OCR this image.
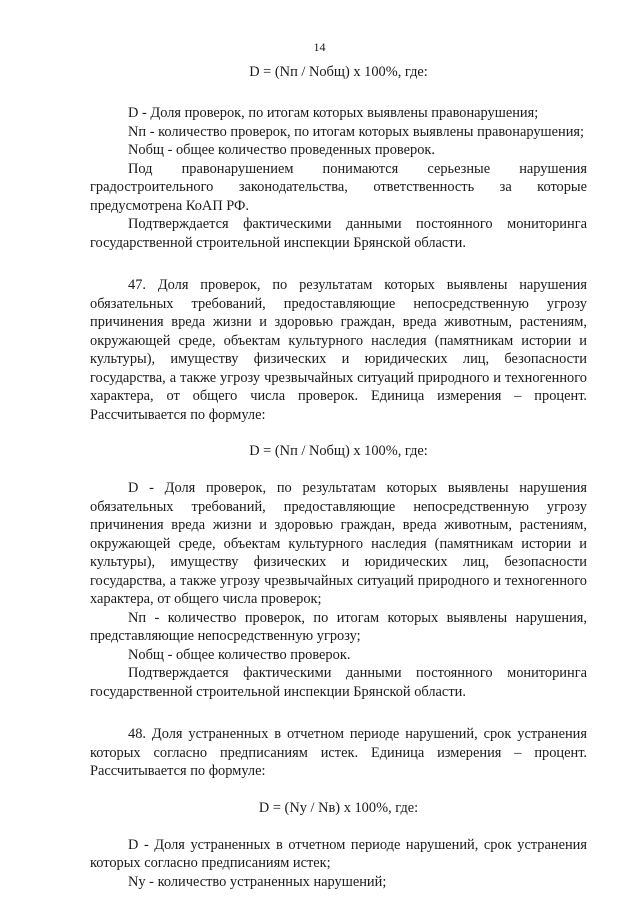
14
D = (Nп / Nобщ) x 100%, где:

D - Доля проверок, по итогам которых выявлены правонарушения;

Nп - количество проверок, по итогам которых выявлены правонарушения;

Nобщ - общее количество проведенных проверок.

Под правонарушением понимаются серьезные нарушения градостроительного законодательства, ответственность за которые предусмотрена КоАП РФ.

Подтверждается фактическими данными постоянного мониторинга государственной строительной инспекции Брянской области.

47. Доля проверок, по результатам которых выявлены нарушения обязательных требований, предоставляющие непосредственную угрозу причинения вреда жизни и здоровью граждан, вреда животным, растениям, окружающей среде, объектам культурного наследия (памятникам истории и культуры), имуществу физических и юридических лиц, безопасности государства, а также угрозу чрезвычайных ситуаций природного и техногенного характера, от общего числа проверок. Единица измерения – процент. Рассчитывается по формуле:

D = (Nп / Nобщ) x 100%, где:

D - Доля проверок, по результатам которых выявлены нарушения обязательных требований, предоставляющие непосредственную угрозу причинения вреда жизни и здоровью граждан, вреда животным, растениям, окружающей среде, объектам культурного наследия (памятникам истории и культуры), имуществу физических и юридических лиц, безопасности государства, а также угрозу чрезвычайных ситуаций природного и техногенного характера, от общего числа проверок;

Nп - количество проверок, по итогам которых выявлены нарушения, представляющие непосредственную угрозу;

Nобщ - общее количество проверок.

Подтверждается фактическими данными постоянного мониторинга государственной строительной инспекции Брянской области.

48. Доля устраненных в отчетном периоде нарушений, срок устранения которых согласно предписаниям истек. Единица измерения – процент. Рассчитывается по формуле:

D = (Nу / Nв) x 100%, где:

D - Доля устраненных в отчетном периоде нарушений, срок устранения которых согласно предписаниям истек;

Nу - количество устраненных нарушений;
